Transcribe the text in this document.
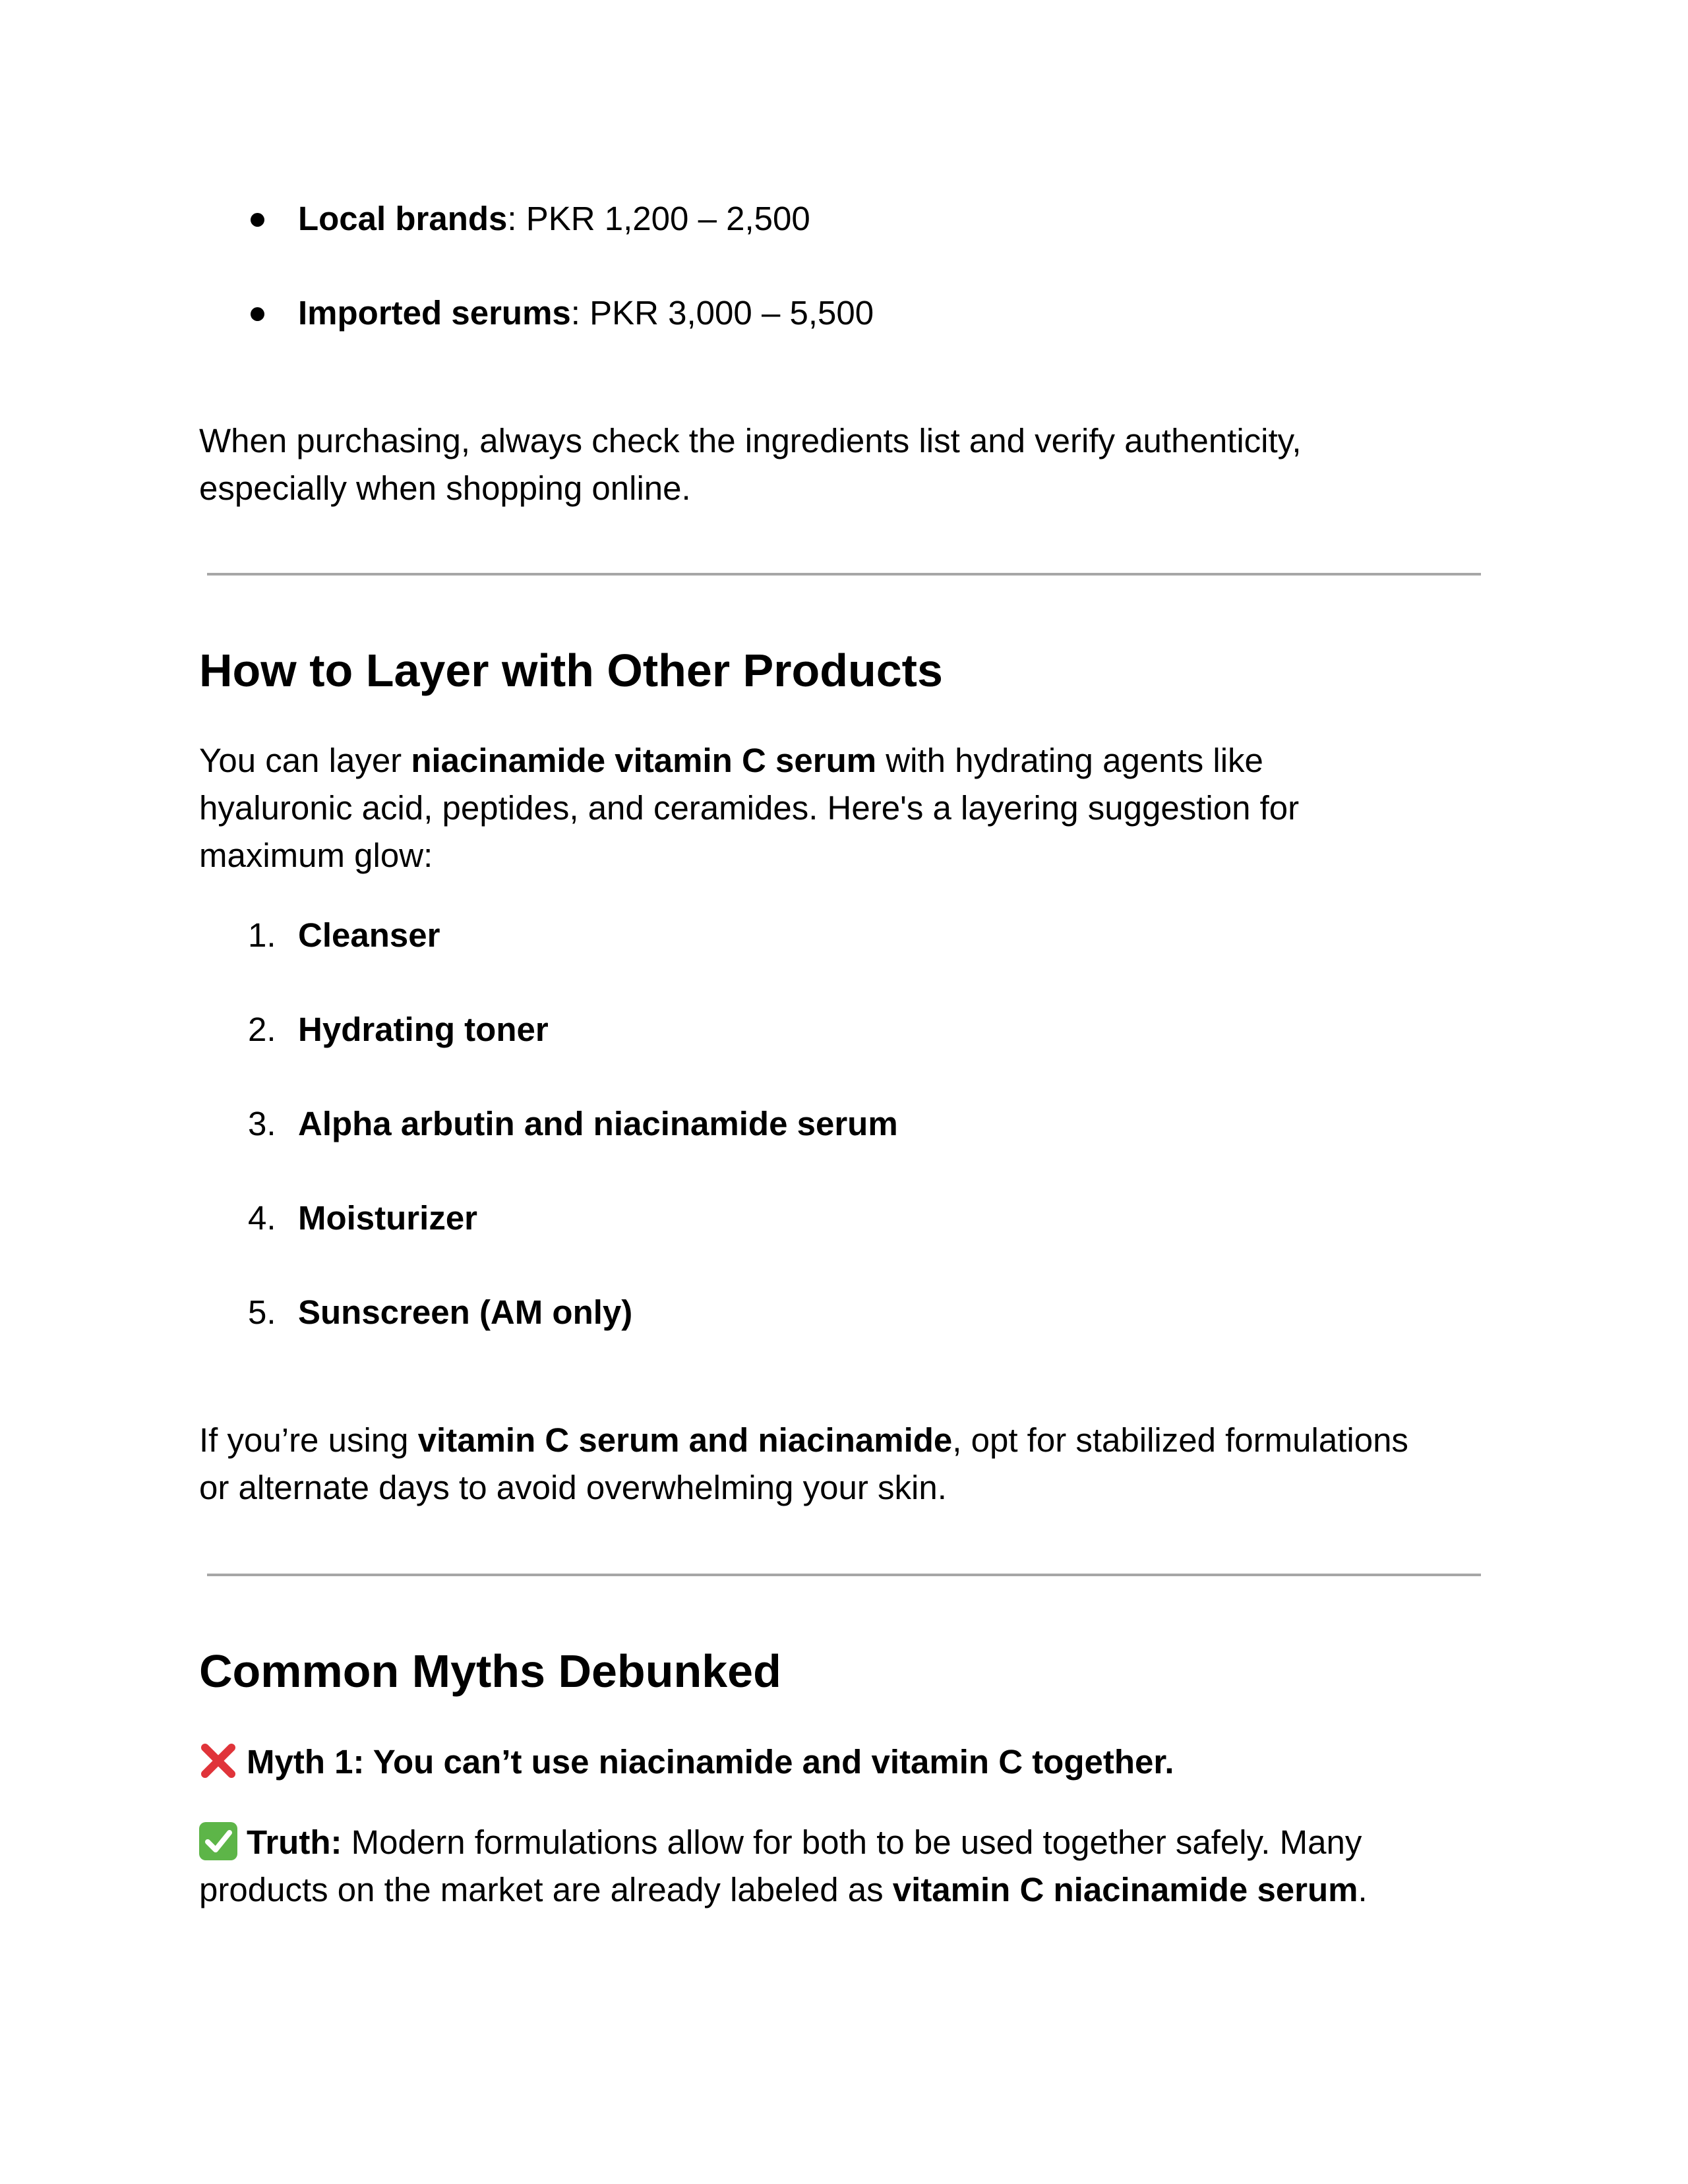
Local brands: PKR 1,200 – 2,500
Imported serums: PKR 3,000 – 5,500

When purchasing, always check the ingredients list and verify authenticity,
especially when shopping online.

How to Layer with Other Products

You can layer niacinamide vitamin C serum with hydrating agents like
hyaluronic acid, peptides, and ceramides. Here's a layering suggestion for
maximum glow:

1. Cleanser
2. Hydrating toner
3. Alpha arbutin and niacinamide serum
4. Moisturizer
5. Sunscreen (AM only)

If you’re using vitamin C serum and niacinamide, opt for stabilized formulations
or alternate days to avoid overwhelming your skin.

Common Myths Debunked

Myth 1: You can’t use niacinamide and vitamin C together.

Truth: Modern formulations allow for both to be used together safely. Many
products on the market are already labeled as vitamin C niacinamide serum.
